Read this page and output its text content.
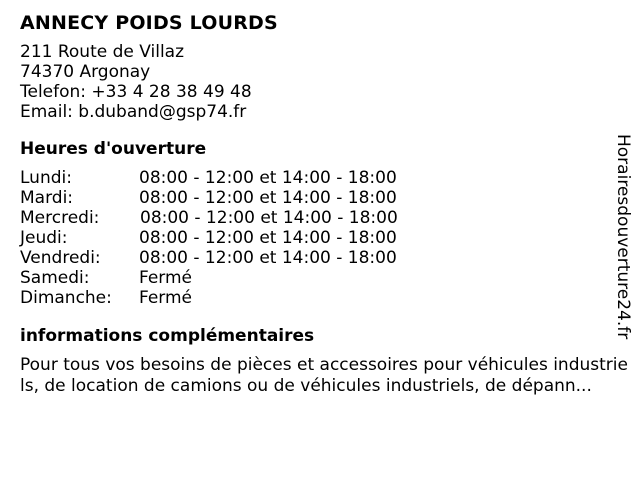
ANNECY POIDS LOURDS
211 Route de Villaz
74370 Argonay
Telefon: +33 4 28 38 49 48
Email: b.duband@gsp74.fr
Heures d'ouverture
Lundi:	08:00 - 12:00 et 14:00 - 18:00
Mardi:	08:00 - 12:00 et 14:00 - 18:00
Mercredi:	08:00 - 12:00 et 14:00 - 18:00
Jeudi:	08:00 - 12:00 et 14:00 - 18:00
Vendredi:	08:00 - 12:00 et 14:00 - 18:00
Samedi:	Fermé
Dimanche:	Fermé
informations complémentaires
Pour tous vos besoins de pièces et accessoires pour véhicules industriels, de location de camions ou de véhicules industriels, de dépann...
Horairesdouverture24.fr
